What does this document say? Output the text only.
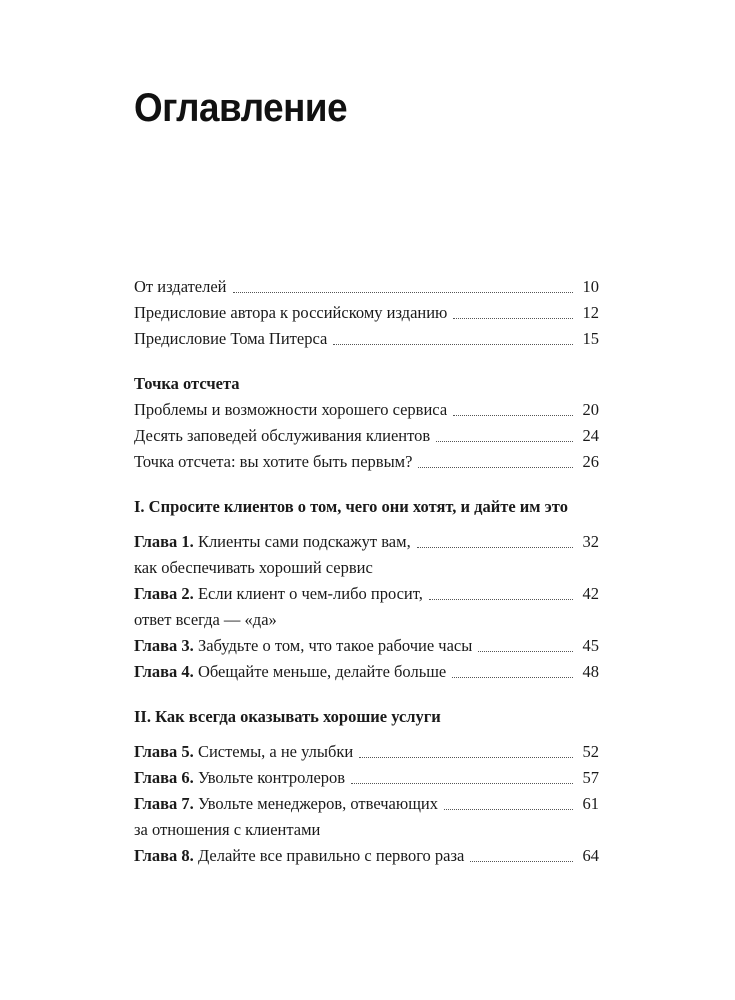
Оглавление
От издателей	10
Предисловие автора к российскому изданию	12
Предисловие Тома Питерса	15
Точка отсчета
Проблемы и возможности хорошего сервиса	20
Десять заповедей обслуживания клиентов	24
Точка отсчета: вы хотите быть первым?	26
I. Спросите клиентов о том, чего они хотят, и дайте им это
Глава 1. Клиенты сами подскажут вам,	32
как обеспечивать хороший сервис
Глава 2. Если клиент о чем-либо просит,	42
ответ всегда — «да»
Глава 3. Забудьте о том, что такое рабочие часы	45
Глава 4. Обещайте меньше, делайте больше	48
II. Как всегда оказывать хорошие услуги
Глава 5. Системы, а не улыбки	52
Глава 6. Увольте контролеров	57
Глава 7. Увольте менеджеров, отвечающих	61
за отношения с клиентами
Глава 8. Делайте все правильно с первого раза	64
